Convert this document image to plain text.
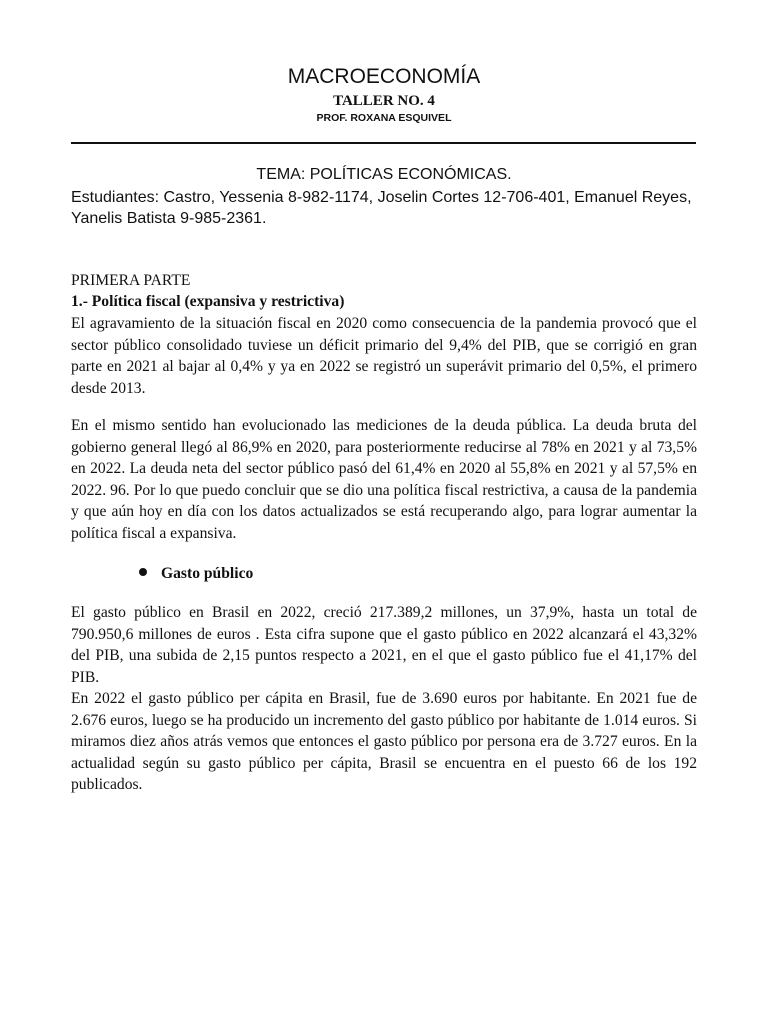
MACROECONOMÍA
TALLER NO. 4
PROF. ROXANA ESQUIVEL
TEMA: POLÍTICAS ECONÓMICAS.
Estudiantes: Castro, Yessenia 8-982-1174, Joselin Cortes 12-706-401, Emanuel Reyes, Yanelis Batista 9-985-2361.
PRIMERA PARTE
1.- Política fiscal (expansiva y restrictiva)
El agravamiento de la situación fiscal en 2020 como consecuencia de la pandemia provocó que el sector público consolidado tuviese un déficit primario del 9,4% del PIB, que se corrigió en gran parte en 2021 al bajar al 0,4% y ya en 2022 se registró un superávit primario del 0,5%, el primero desde 2013.
En el mismo sentido han evolucionado las mediciones de la deuda pública. La deuda bruta del gobierno general llegó al 86,9% en 2020, para posteriormente reducirse al 78% en 2021 y al 73,5% en 2022. La deuda neta del sector público pasó del 61,4% en 2020 al 55,8% en 2021 y al 57,5% en 2022. 96. Por lo que puedo concluir que se dio una política fiscal restrictiva, a causa de la pandemia y que aún hoy en día con los datos actualizados se está recuperando algo, para lograr aumentar la política fiscal a expansiva.
Gasto público
El gasto público en Brasil en 2022, creció 217.389,2 millones, un 37,9%, hasta un total de 790.950,6 millones de euros . Esta cifra supone que el gasto público en 2022 alcanzará el 43,32% del PIB, una subida de 2,15 puntos respecto a 2021, en el que el gasto público fue el 41,17% del PIB.
En 2022 el gasto público per cápita en Brasil, fue de 3.690 euros por habitante. En 2021 fue de 2.676 euros, luego se ha producido un incremento del gasto público por habitante de 1.014 euros. Si miramos diez años atrás vemos que entonces el gasto público por persona era de 3.727 euros. En la actualidad según su gasto público per cápita, Brasil se encuentra en el puesto 66 de los 192 publicados.
